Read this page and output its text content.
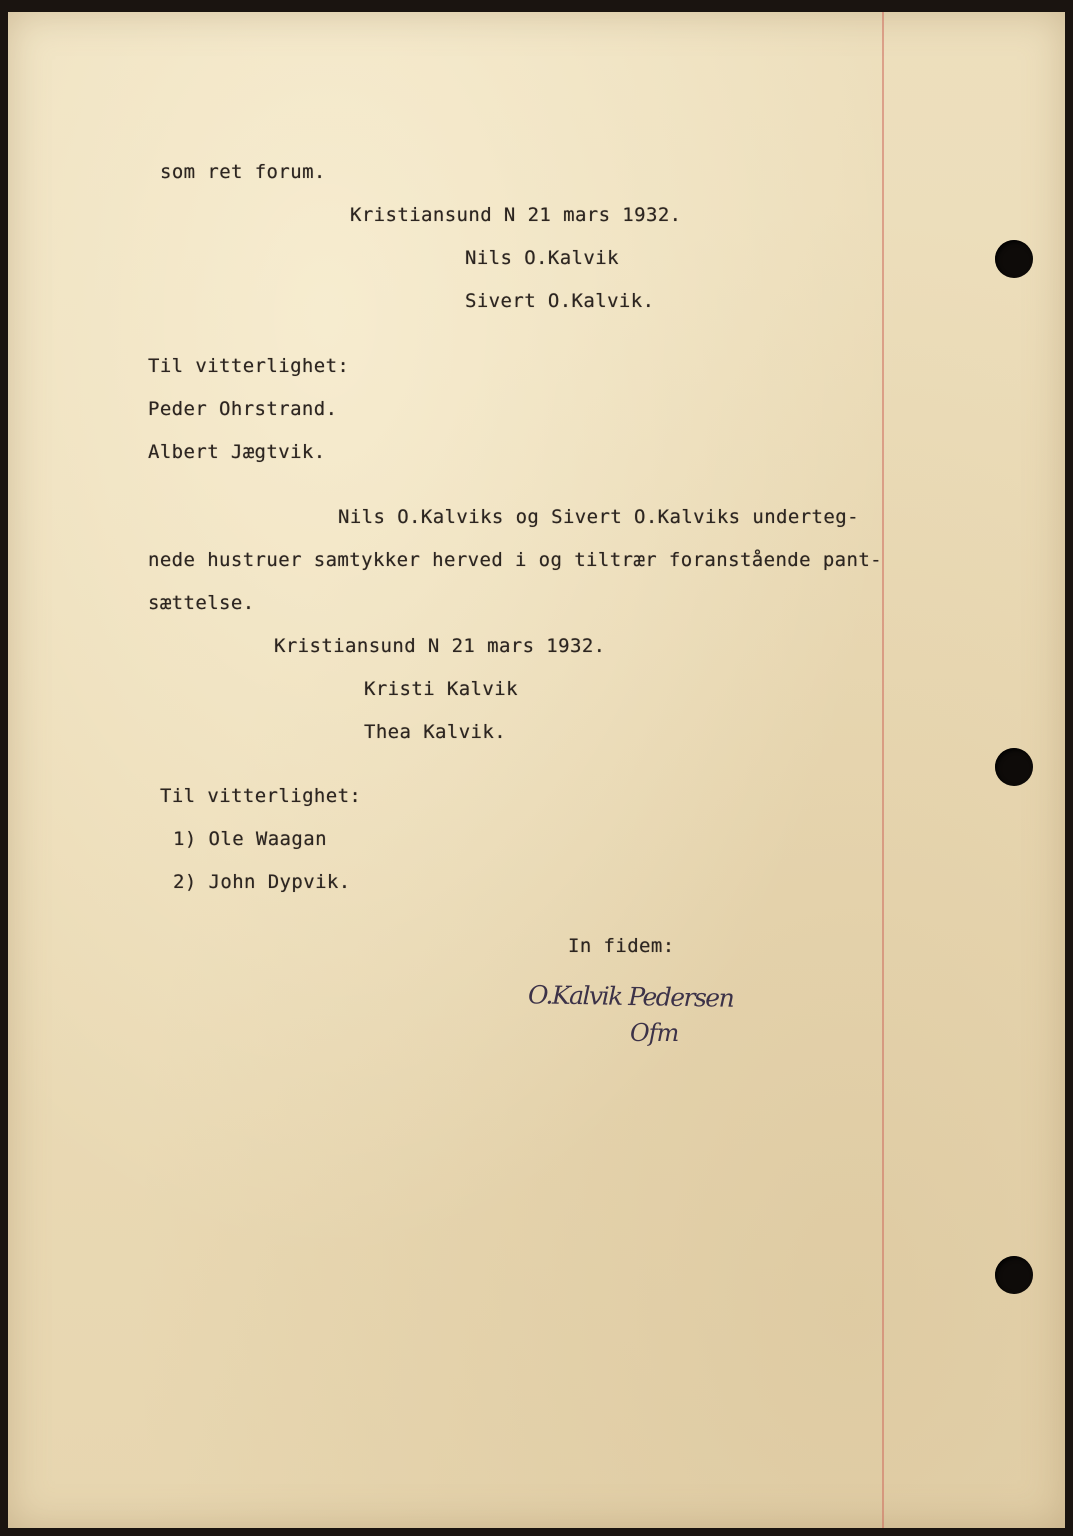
som ret forum.
Kristiansund N 21 mars 1932.
Nils O.Kalvik
Sivert O.Kalvik.
Til vitterlighet:
Peder Ohrstrand.
Albert Jægtvik.
Nils O.Kalviks og Sivert O.Kalviks underteg-
nede hustruer samtykker herved i og tiltrær foranstående pant-
sættelse.
Kristiansund N 21 mars 1932.
Kristi Kalvik
Thea Kalvik.
Til vitterlighet:
1) Ole Waagan
2) John Dypvik.
In fidem:
O.Kalvik Pedersen
Ofm
